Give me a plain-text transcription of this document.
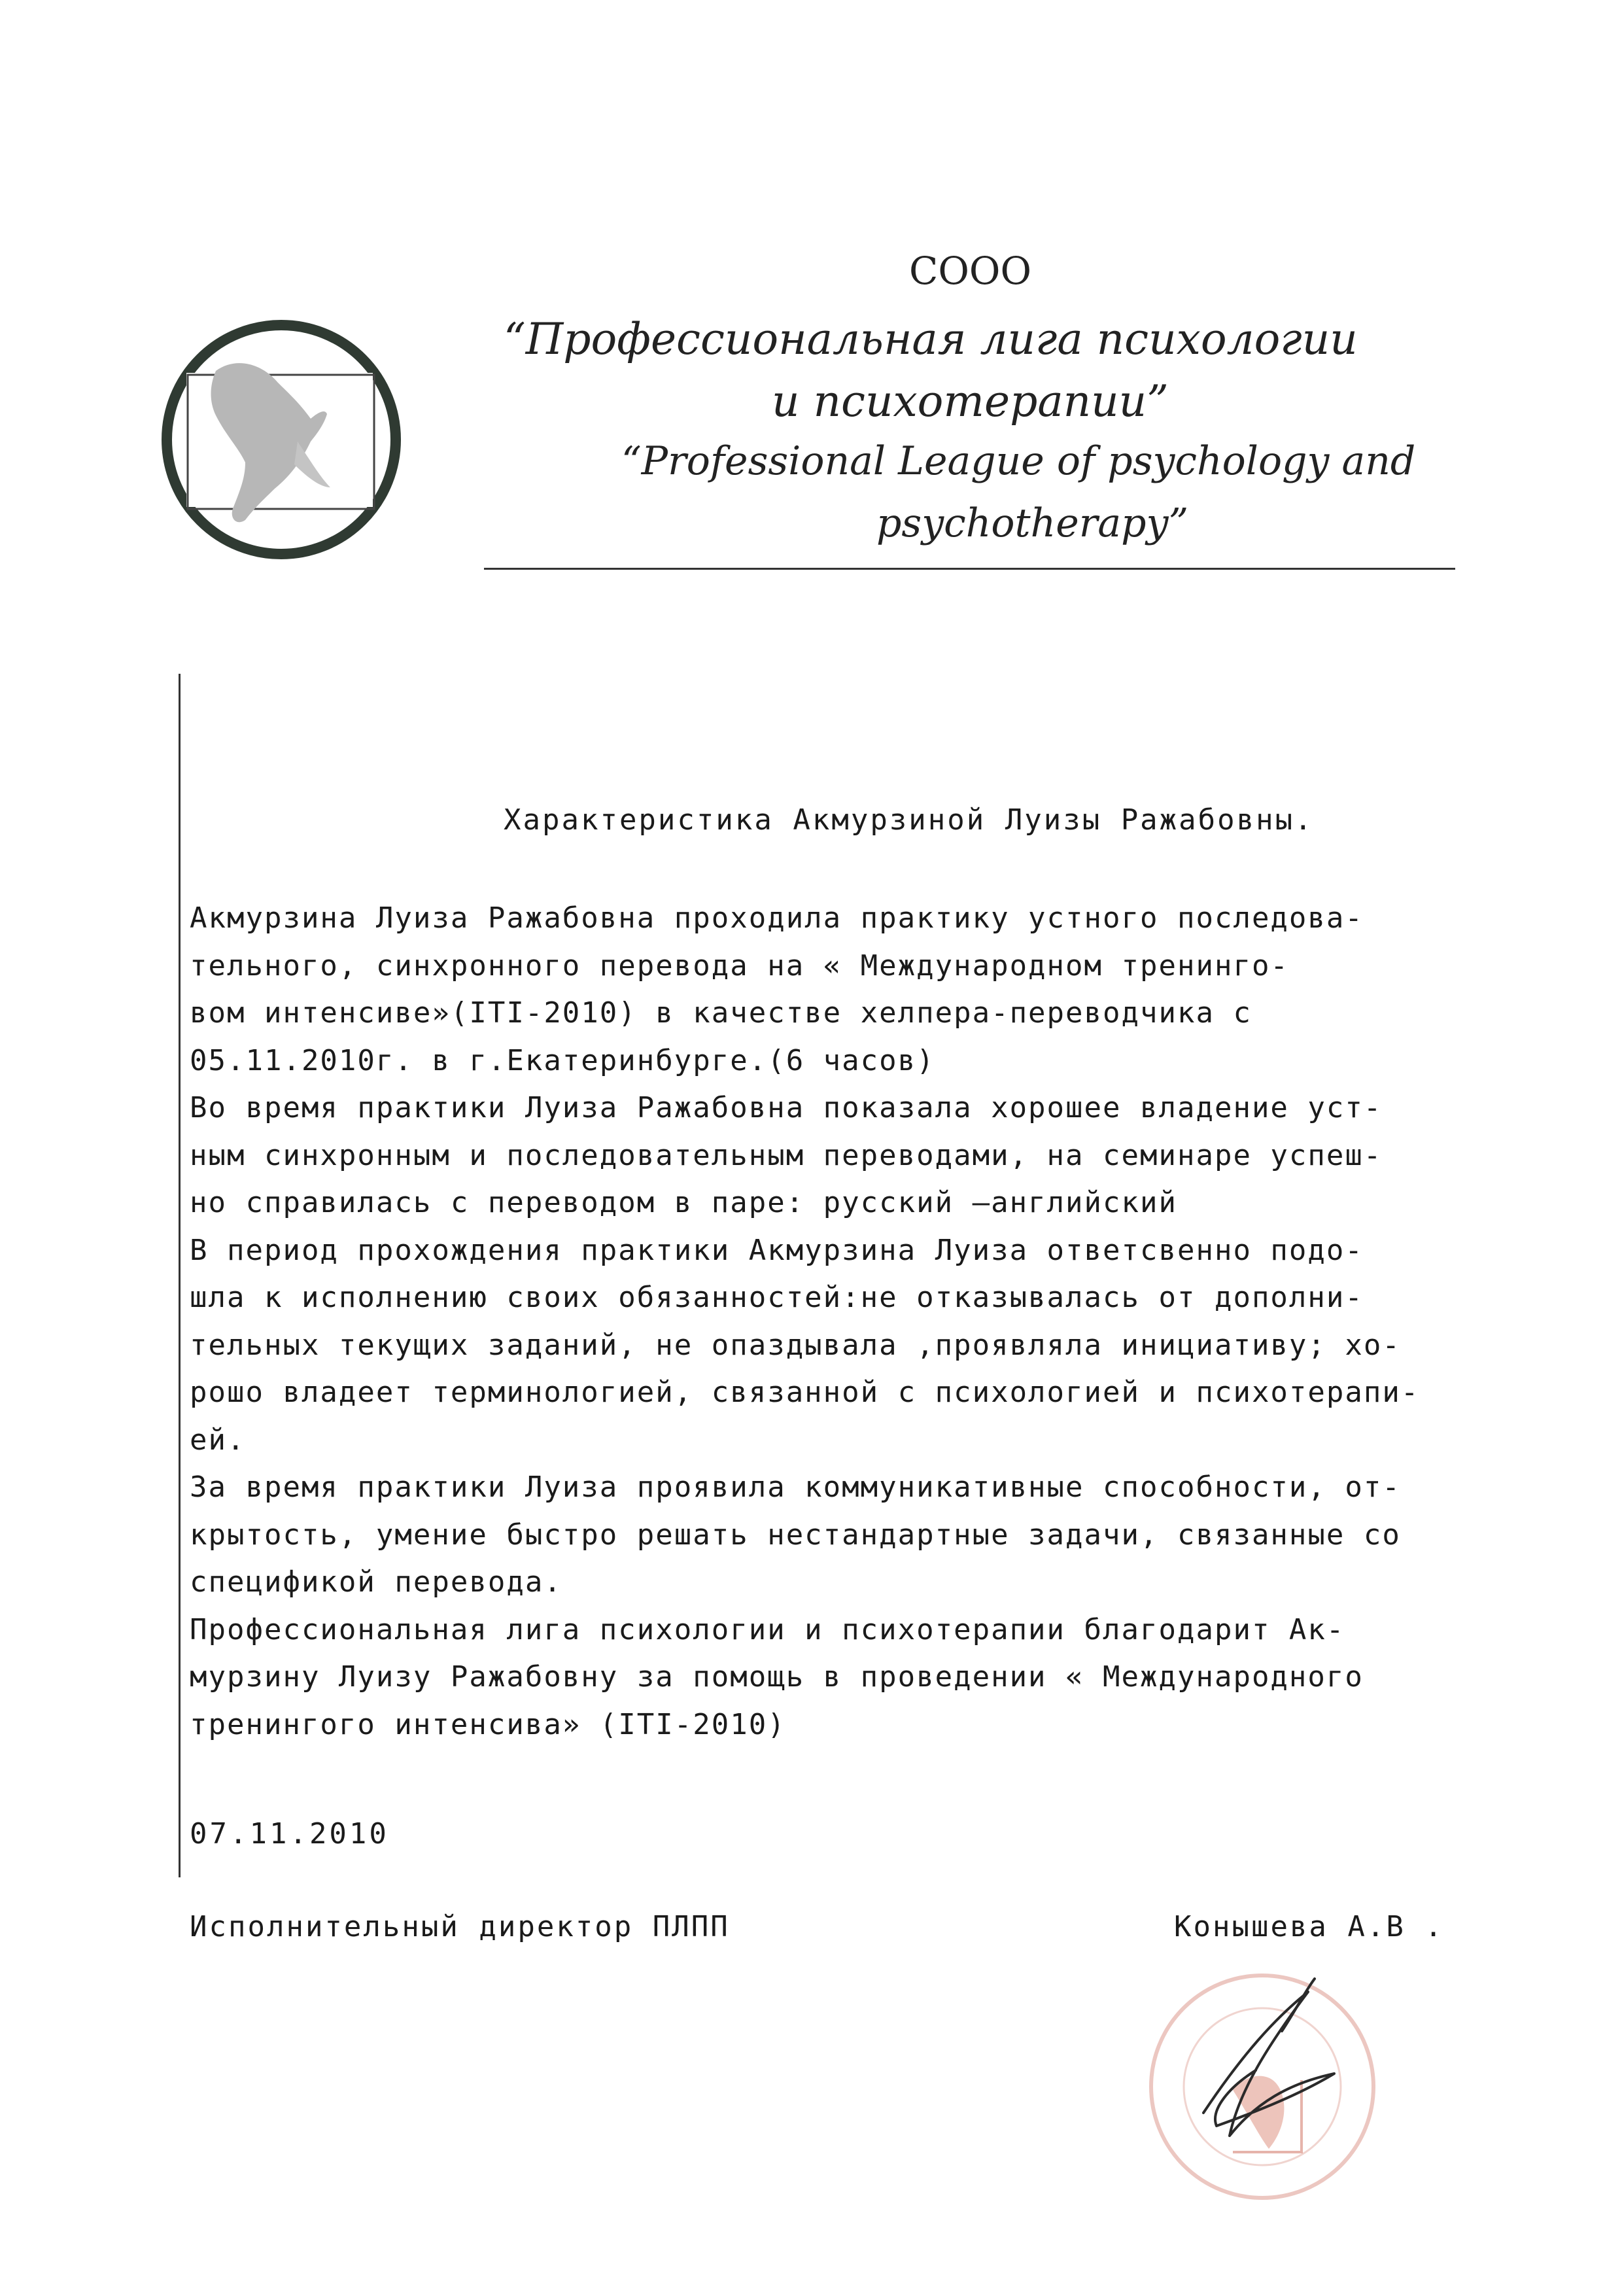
СООО
“Профессиональная лига психологии
и психотерапии”
“Professional League of psychology and
psychotherapy”
Характеристика Акмурзиной Луизы Ражабовны.
Акмурзина Луиза Ражабовна проходила практику устного последова-
тельного, синхронного перевода на « Международном тренинго-
вом интенсиве»(ITI-2010) в качестве хелпера-переводчика с
05.11.2010г. в г.Екатеринбурге.(6 часов)
Во время практики Луиза Ражабовна показала хорошее владение уст-
ным синхронным и последовательным переводами, на семинаре успеш-
но справилась с переводом в паре: русский –английский
В период прохождения практики Акмурзина Луиза ответсвенно подо-
шла к исполнению своих обязанностей:не отказывалась от дополни-
тельных текущих заданий, не опаздывала ,проявляла инициативу; хо-
рошо владеет терминологией, связанной с психологией и психотерапи-
ей.
За время практики Луиза проявила коммуникативные способности, от-
крытость, умение быстро решать нестандартные задачи, связанные со
спецификой перевода.
Профессиональная лига психологии и психотерапии благодарит Ак-
мурзину Луизу Ражабовну за помощь в проведении « Международного
тренингого интенсива» (ITI-2010)
07.11.2010
Исполнительный директор ПЛПП	Конышева А.В .
